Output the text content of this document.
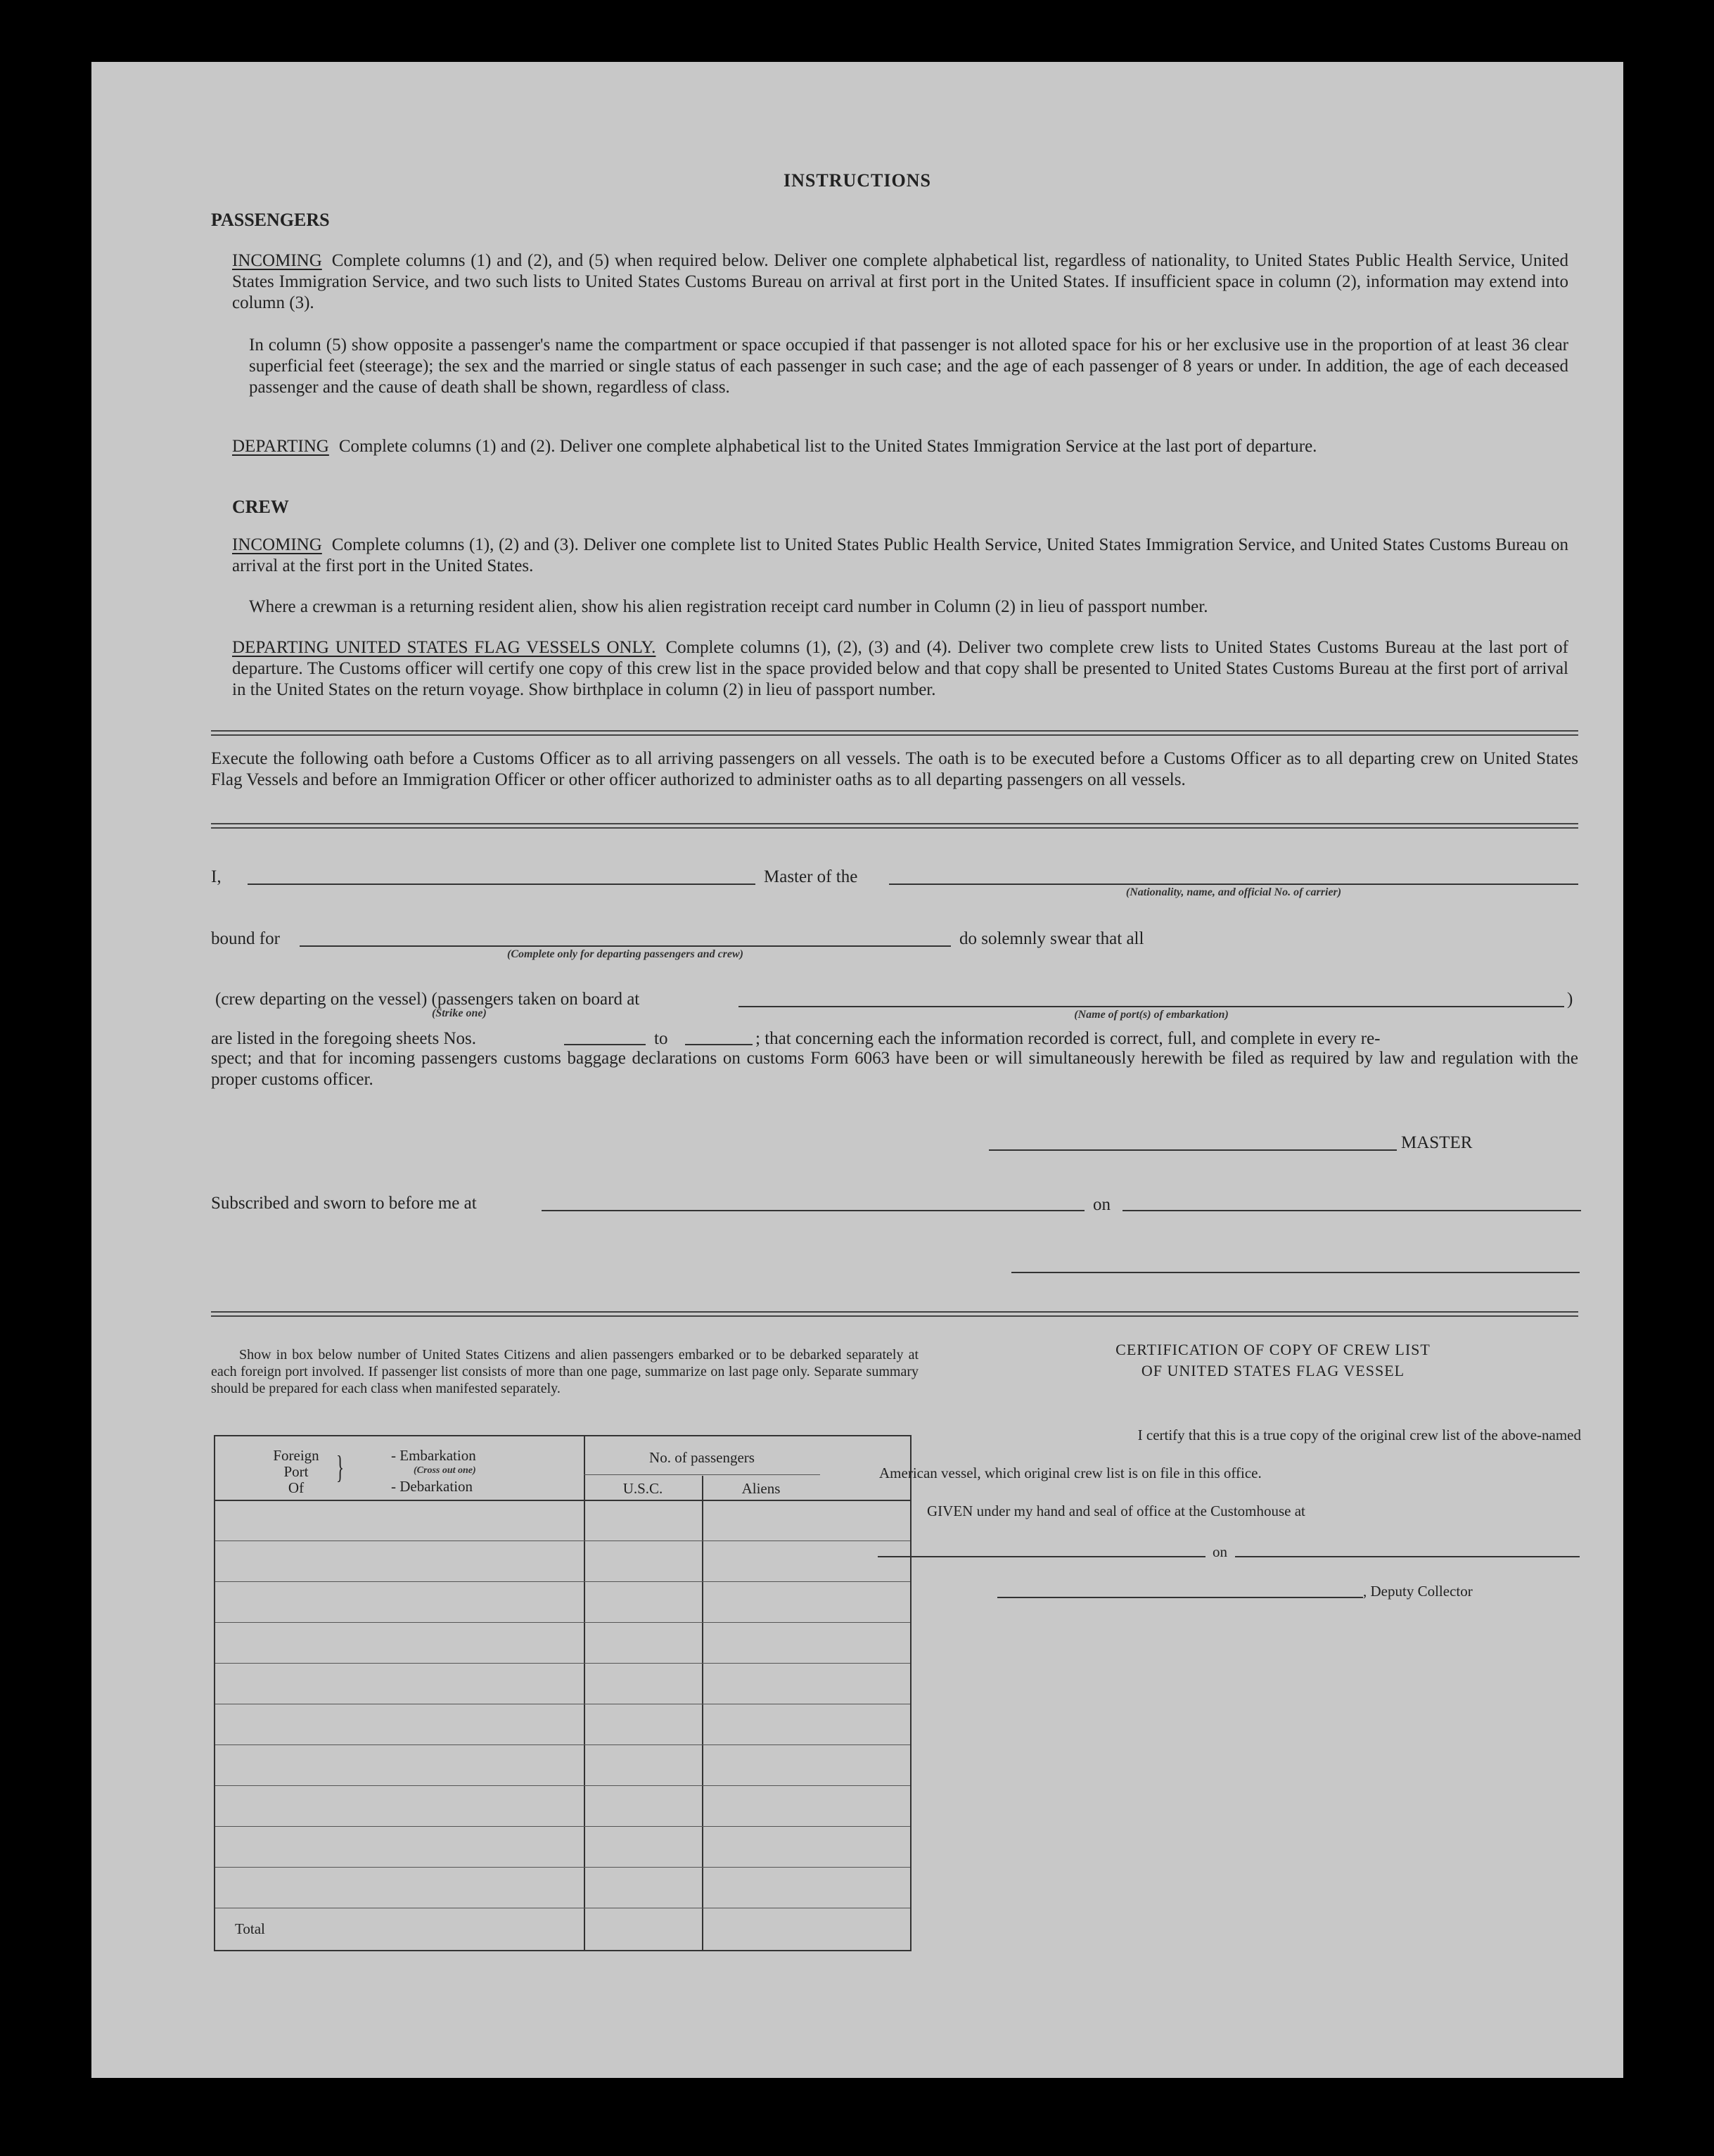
INSTRUCTIONS
PASSENGERS
INCOMING Complete columns (1) and (2), and (5) when required below. Deliver one complete alphabetical list, regardless of nationality, to United States Public Health Service, United States Immigration Service, and two such lists to United States Customs Bureau on arrival at first port in the United States. If insufficient space in column (2), information may extend into column (3).
In column (5) show opposite a passenger's name the compartment or space occupied if that passenger is not alloted space for his or her exclusive use in the proportion of at least 36 clear superficial feet (steerage); the sex and the married or single status of each passenger in such case; and the age of each passenger of 8 years or under. In addition, the age of each deceased passenger and the cause of death shall be shown, regardless of class.
DEPARTING Complete columns (1) and (2). Deliver one complete alphabetical list to the United States Immigration Service at the last port of departure.
CREW
INCOMING Complete columns (1), (2) and (3). Deliver one complete list to United States Public Health Service, United States Immigration Service, and United States Customs Bureau on arrival at the first port in the United States.
Where a crewman is a returning resident alien, show his alien registration receipt card number in Column (2) in lieu of passport number.
DEPARTING UNITED STATES FLAG VESSELS ONLY. Complete columns (1), (2), (3) and (4). Deliver two complete crew lists to United States Customs Bureau at the last port of departure. The Customs officer will certify one copy of this crew list in the space provided below and that copy shall be presented to United States Customs Bureau at the first port of arrival in the United States on the return voyage. Show birthplace in column (2) in lieu of passport number.
Execute the following oath before a Customs Officer as to all arriving passengers on all vessels. The oath is to be executed before a Customs Officer as to all departing crew on United States Flag Vessels and before an Immigration Officer or other officer authorized to administer oaths as to all departing passengers on all vessels.
I,	Master of the
(Nationality, name, and official No. of carrier)
bound for
(Complete only for departing passengers and crew)
do solemnly swear that all
(crew departing on the vessel) (passengers taken on board at
(Strike one)	(Name of port(s) of embarkation)
)
are listed in the foregoing sheets Nos.	to	; that concerning each the information recorded is correct, full, and complete in every re-
spect; and that for incoming passengers customs baggage declarations on customs Form 6063 have been or will simultaneously herewith be filed as required by law and regulation with the proper customs officer.
MASTER
Subscribed and sworn to before me at	on
Show in box below number of United States Citizens and alien passengers embarked or to be debarked separately at each foreign port involved. If passenger list consists of more than one page, summarize on last page only. Separate summary should be prepared for each class when manifested separately.
Foreign
Port
Of
}	- Embarkation
(Cross out one)
- Debarkation
No. of passengers
U.S.C.	Aliens
Total
CERTIFICATION OF COPY OF CREW LIST
OF UNITED STATES FLAG VESSEL
I certify that this is a true copy of the original crew list of the above-named
American vessel, which original crew list is on file in this office.
GIVEN under my hand and seal of office at the Customhouse at
on
, Deputy Collector
